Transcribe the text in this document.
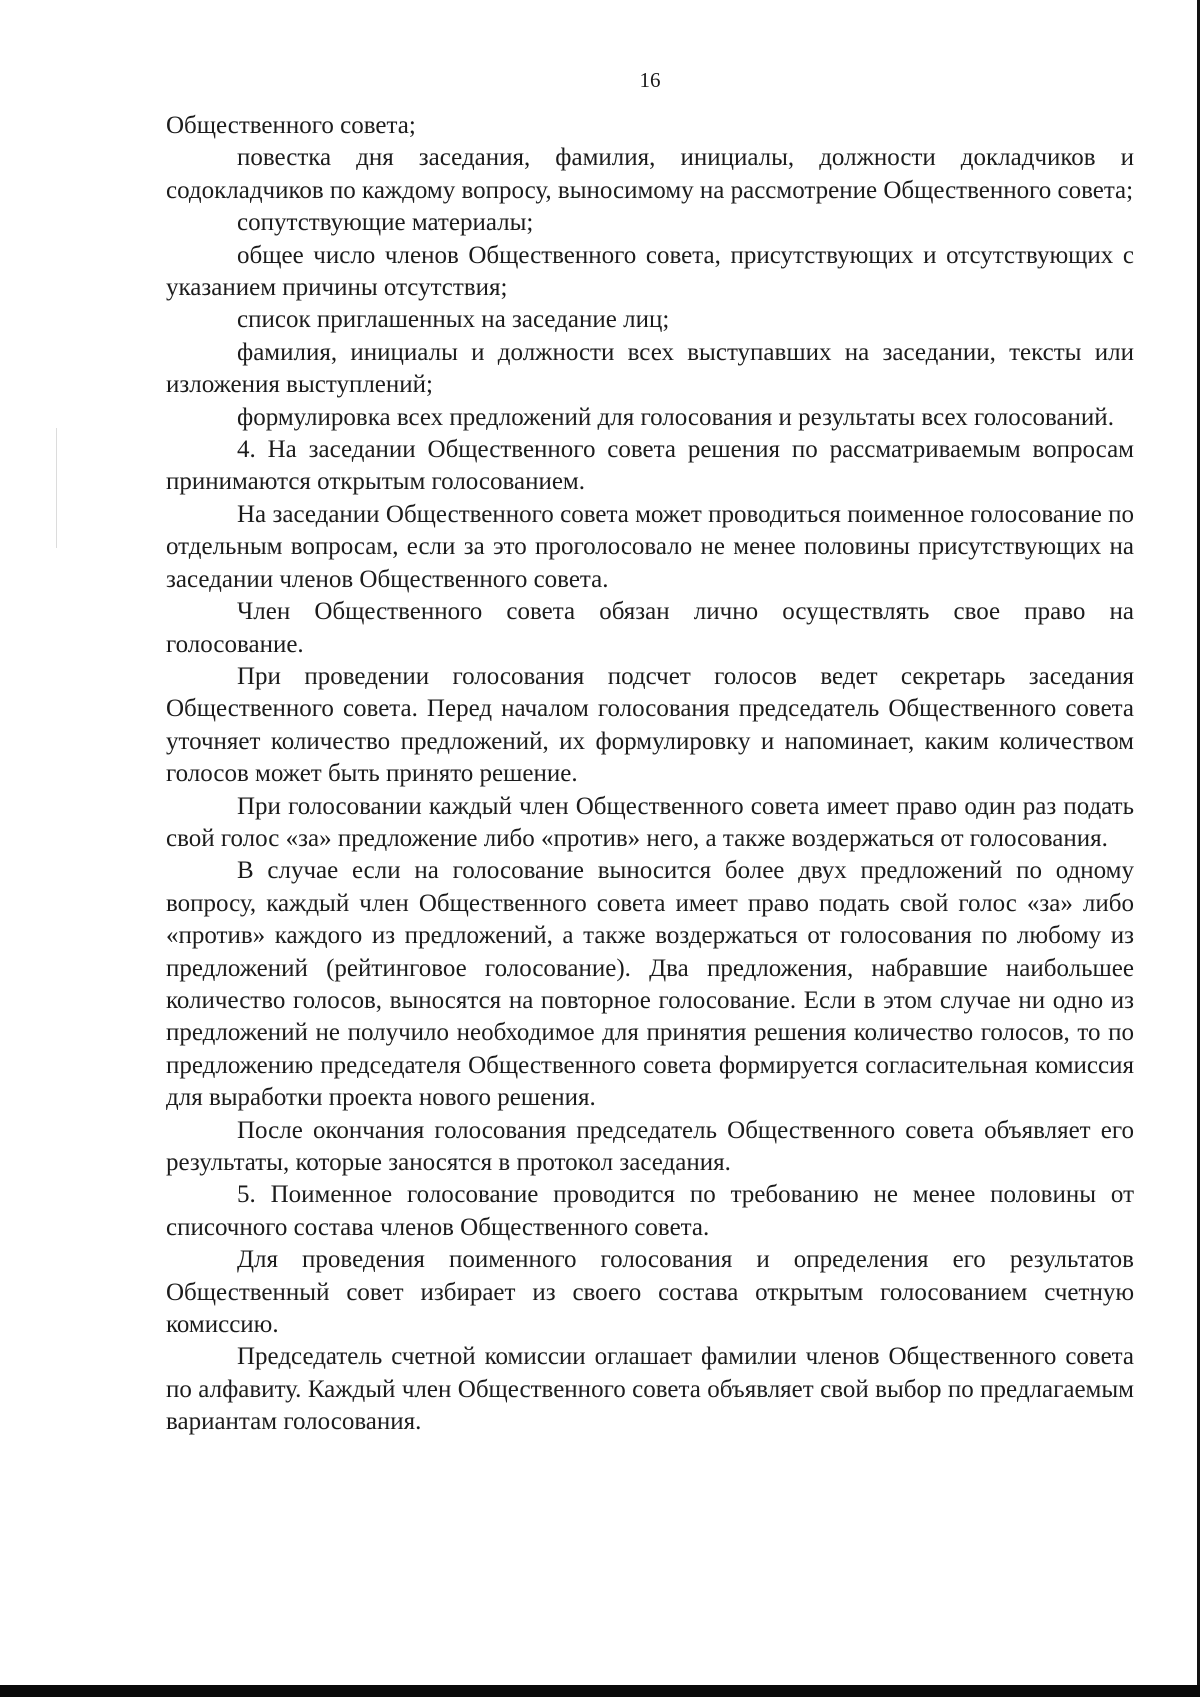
16

Общественного совета;

повестка дня заседания, фамилия, инициалы, должности докладчиков и содокладчиков по каждому вопросу, выносимому на рассмотрение Общественного совета;

сопутствующие материалы;

общее число членов Общественного совета, присутствующих и отсутствующих с указанием причины отсутствия;

список приглашенных на заседание лиц;

фамилия, инициалы и должности всех выступавших на заседании, тексты или изложения выступлений;

формулировка всех предложений для голосования и результаты всех голосований.

4. На заседании Общественного совета решения по рассматриваемым вопросам принимаются открытым голосованием.

На заседании Общественного совета может проводиться поименное голосование по отдельным вопросам, если за это проголосовало не менее половины присутствующих на заседании членов Общественного совета.

Член Общественного совета обязан лично осуществлять свое право на голосование.

При проведении голосования подсчет голосов ведет секретарь заседания Общественного совета. Перед началом голосования председатель Общественного совета уточняет количество предложений, их формулировку и напоминает, каким количеством голосов может быть принято решение.

При голосовании каждый член Общественного совета имеет право один раз подать свой голос «за» предложение либо «против» него, а также воздержаться от голосования.

В случае если на голосование выносится более двух предложений по одному вопросу, каждый член Общественного совета имеет право подать свой голос «за» либо «против» каждого из предложений, а также воздержаться от голосования по любому из предложений (рейтинговое голосование). Два предложения, набравшие наибольшее количество голосов, выносятся на повторное голосование. Если в этом случае ни одно из предложений не получило необходимое для принятия решения количество голосов, то по предложению председателя Общественного совета формируется согласительная комиссия для выработки проекта нового решения.

После окончания голосования председатель Общественного совета объявляет его результаты, которые заносятся в протокол заседания.

5. Поименное голосование проводится по требованию не менее половины от списочного состава членов Общественного совета.

Для проведения поименного голосования и определения его результатов Общественный совет избирает из своего состава открытым голосованием счетную комиссию.

Председатель счетной комиссии оглашает фамилии членов Общественного совета по алфавиту. Каждый член Общественного совета объявляет свой выбор по предлагаемым вариантам голосования.
